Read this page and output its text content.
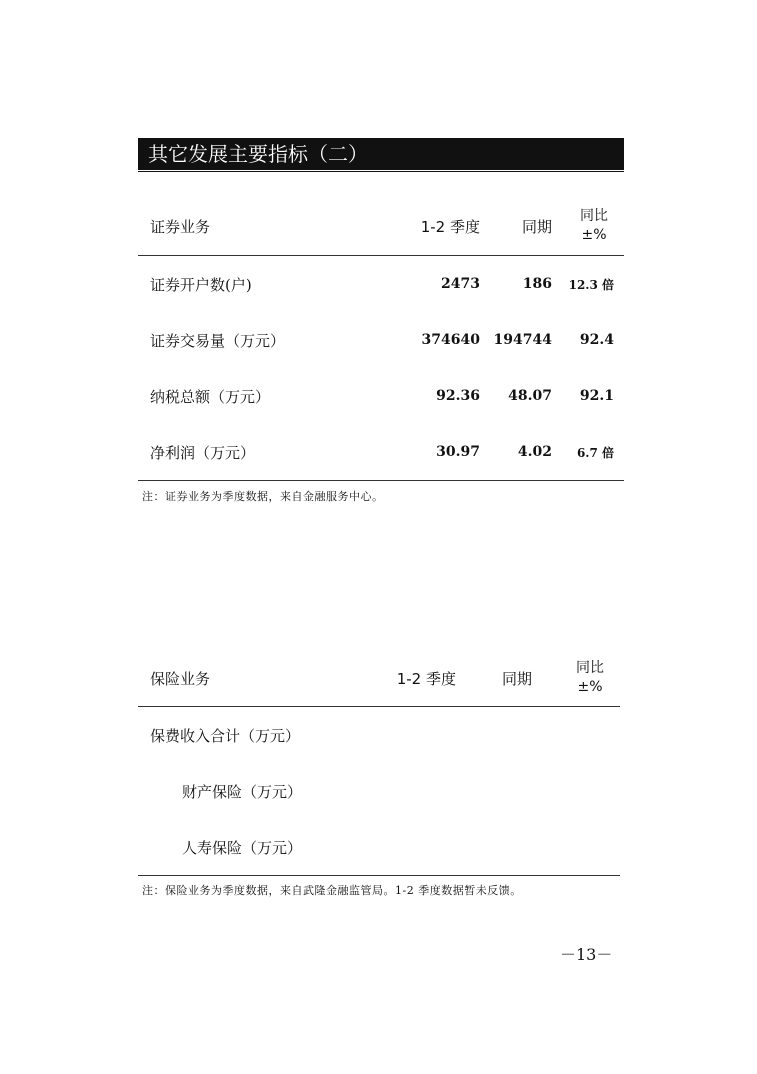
其它发展主要指标（二）
证券业务	1-2 季度	同期
同比
±%
证券开户数(户)	2473	186 12.3 倍
证券交易量（万元）	374640 194744 92.4
纳税总额（万元）	92.36 48.07 92.1
净利润（万元）	30.97	4.02 6.7 倍
注：证券业务为季度数据，来自金融服务中心。
保险业务	1-2 季度	同期
同比
±%
保费收入合计（万元）
财产保险（万元）
人寿保险（万元）
注：保险业务为季度数据，来自武隆金融监管局。1-2 季度数据暂未反馈。
－13－
